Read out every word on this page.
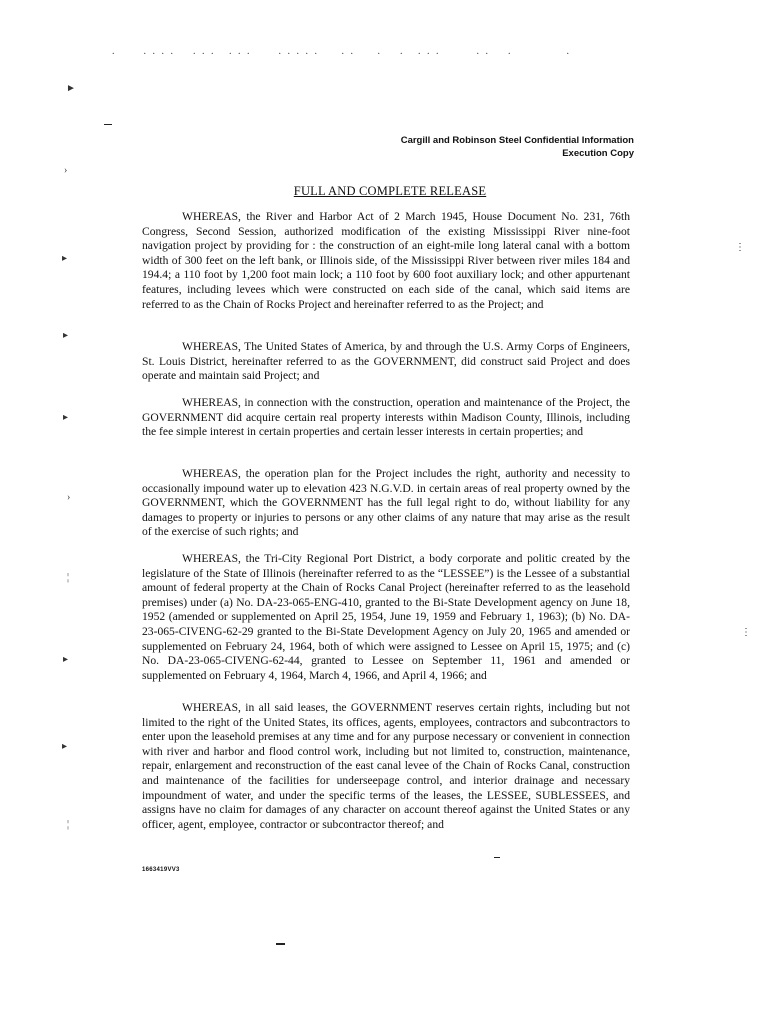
.      . . . .    . . .   . . .      . . . . .     . .     .    .   . . .        . .    .            .
►
›
▸
▸
▸
›
¦
▸
▸
¦
⋮
⋮
Cargill and Robinson Steel Confidential Information
Execution Copy
FULL AND COMPLETE RELEASE

WHEREAS, the River and Harbor Act of 2 March 1945, House Document No. 231, 76th Congress, Second Session, authorized modification of the existing Mississippi River nine-foot navigation project by providing for : the construction of an eight-mile long lateral canal with a bottom width of 300 feet on the left bank, or Illinois side, of the Mississippi River between river miles 184 and 194.4; a 110 foot by 1,200 foot main lock; a 110 foot by 600 foot auxiliary lock; and other appurtenant features, including levees which were constructed on each side of the canal, which said items are referred to as the Chain of Rocks Project and hereinafter referred to as the Project; and

WHEREAS, The United States of America, by and through the U.S. Army Corps of Engineers, St. Louis District, hereinafter referred to as the GOVERNMENT, did construct said Project and does operate and maintain said Project; and

WHEREAS, in connection with the construction, operation and maintenance of the Project, the GOVERNMENT did acquire certain real property interests within Madison County, Illinois, including the fee simple interest in certain properties and certain lesser interests in certain properties; and

WHEREAS, the operation plan for the Project includes the right, authority and necessity to occasionally impound water up to elevation 423 N.G.V.D. in certain areas of real property owned by the GOVERNMENT, which the GOVERNMENT has the full legal right to do, without liability for any damages to property or injuries to persons or any other claims of any nature that may arise as the result of the exercise of such rights; and

WHEREAS, the Tri-City Regional Port District, a body corporate and politic created by the legislature of the State of Illinois (hereinafter referred to as the “LESSEE”) is the Lessee of a substantial amount of federal property at the Chain of Rocks Canal Project (hereinafter referred to as the leasehold premises) under (a) No. DA-23-065-ENG-410, granted to the Bi-State Development agency on June 18, 1952 (amended or supplemented on April 25, 1954, June 19, 1959 and February 1, 1963); (b) No. DA-23-065-CIVENG-62-29 granted to the Bi-State Development Agency on July 20, 1965 and amended or supplemented on February 24, 1964, both of which were assigned to Lessee on April 15, 1975; and (c) No. DA-23-065-CIVENG-62-44, granted to Lessee on September 11, 1961 and amended or supplemented on February 4, 1964, March 4, 1966, and April 4, 1966; and

WHEREAS, in all said leases, the GOVERNMENT reserves certain rights, including but not limited to the right of the United States, its offices, agents, employees, contractors and subcontractors to enter upon the leasehold premises at any time and for any purpose necessary or convenient in connection with river and harbor and flood control work, including but not limited to, construction, maintenance, repair, enlargement and reconstruction of the east canal levee of the Chain of Rocks Canal, construction and maintenance of the facilities for underseepage control, and interior drainage and necessary impoundment of water, and under the specific terms of the leases, the LESSEE, SUBLESSEES, and assigns have no claim for damages of any character on account thereof against the United States or any officer, agent, employee, contractor or subcontractor thereof; and

1663419VV3
